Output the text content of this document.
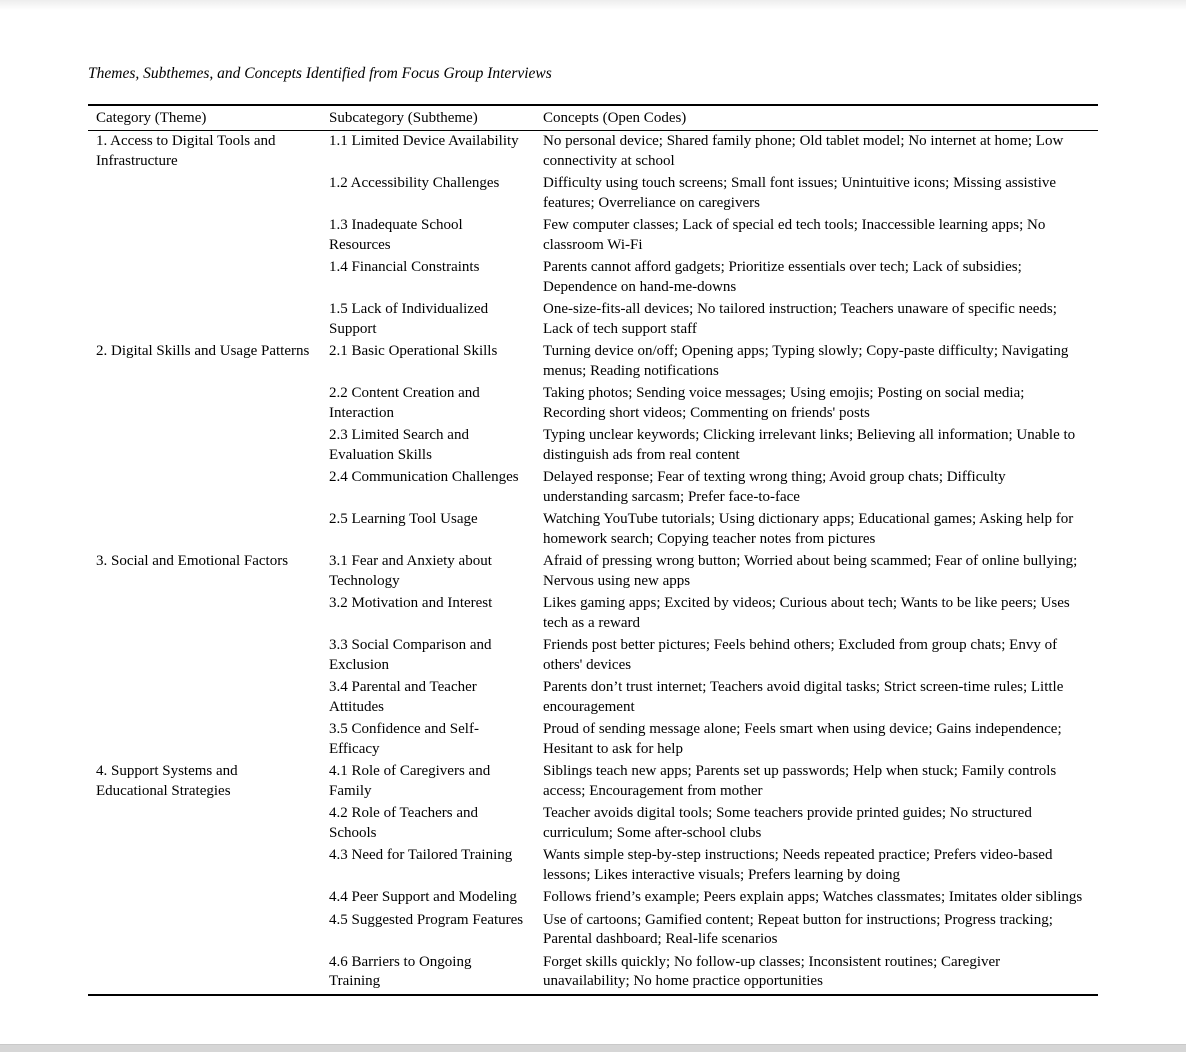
Themes, Subthemes, and Concepts Identified from Focus Group Interviews
Category (Theme)	Subcategory (Subtheme)	Concepts (Open Codes)
1. Access to Digital Tools and Infrastructure	1.1 Limited Device Availability	No personal device; Shared family phone; Old tablet model; No internet at home; Low connectivity at school
	1.2 Accessibility Challenges	Difficulty using touch screens; Small font issues; Unintuitive icons; Missing assistive features; Overreliance on caregivers
	1.3 Inadequate School Resources	Few computer classes; Lack of special ed tech tools; Inaccessible learning apps; No classroom Wi-Fi
	1.4 Financial Constraints	Parents cannot afford gadgets; Prioritize essentials over tech; Lack of subsidies; Dependence on hand-me-downs
	1.5 Lack of Individualized Support	One-size-fits-all devices; No tailored instruction; Teachers unaware of specific needs; Lack of tech support staff
2. Digital Skills and Usage Patterns	2.1 Basic Operational Skills	Turning device on/off; Opening apps; Typing slowly; Copy-paste difficulty; Navigating menus; Reading notifications
	2.2 Content Creation and Interaction	Taking photos; Sending voice messages; Using emojis; Posting on social media; Recording short videos; Commenting on friends' posts
	2.3 Limited Search and Evaluation Skills	Typing unclear keywords; Clicking irrelevant links; Believing all information; Unable to distinguish ads from real content
	2.4 Communication Challenges	Delayed response; Fear of texting wrong thing; Avoid group chats; Difficulty understanding sarcasm; Prefer face-to-face
	2.5 Learning Tool Usage	Watching YouTube tutorials; Using dictionary apps; Educational games; Asking help for homework search; Copying teacher notes from pictures
3. Social and Emotional Factors	3.1 Fear and Anxiety about Technology	Afraid of pressing wrong button; Worried about being scammed; Fear of online bullying; Nervous using new apps
	3.2 Motivation and Interest	Likes gaming apps; Excited by videos; Curious about tech; Wants to be like peers; Uses tech as a reward
	3.3 Social Comparison and Exclusion	Friends post better pictures; Feels behind others; Excluded from group chats; Envy of others' devices
	3.4 Parental and Teacher Attitudes	Parents don’t trust internet; Teachers avoid digital tasks; Strict screen-time rules; Little encouragement
	3.5 Confidence and Self-Efficacy	Proud of sending message alone; Feels smart when using device; Gains independence; Hesitant to ask for help
4. Support Systems and Educational Strategies	4.1 Role of Caregivers and Family	Siblings teach new apps; Parents set up passwords; Help when stuck; Family controls access; Encouragement from mother
	4.2 Role of Teachers and Schools	Teacher avoids digital tools; Some teachers provide printed guides; No structured curriculum; Some after-school clubs
	4.3 Need for Tailored Training	Wants simple step-by-step instructions; Needs repeated practice; Prefers video-based lessons; Likes interactive visuals; Prefers learning by doing
	4.4 Peer Support and Modeling	Follows friend’s example; Peers explain apps; Watches classmates; Imitates older siblings
	4.5 Suggested Program Features	Use of cartoons; Gamified content; Repeat button for instructions; Progress tracking; Parental dashboard; Real-life scenarios
	4.6 Barriers to Ongoing Training	Forget skills quickly; No follow-up classes; Inconsistent routines; Caregiver unavailability; No home practice opportunities
